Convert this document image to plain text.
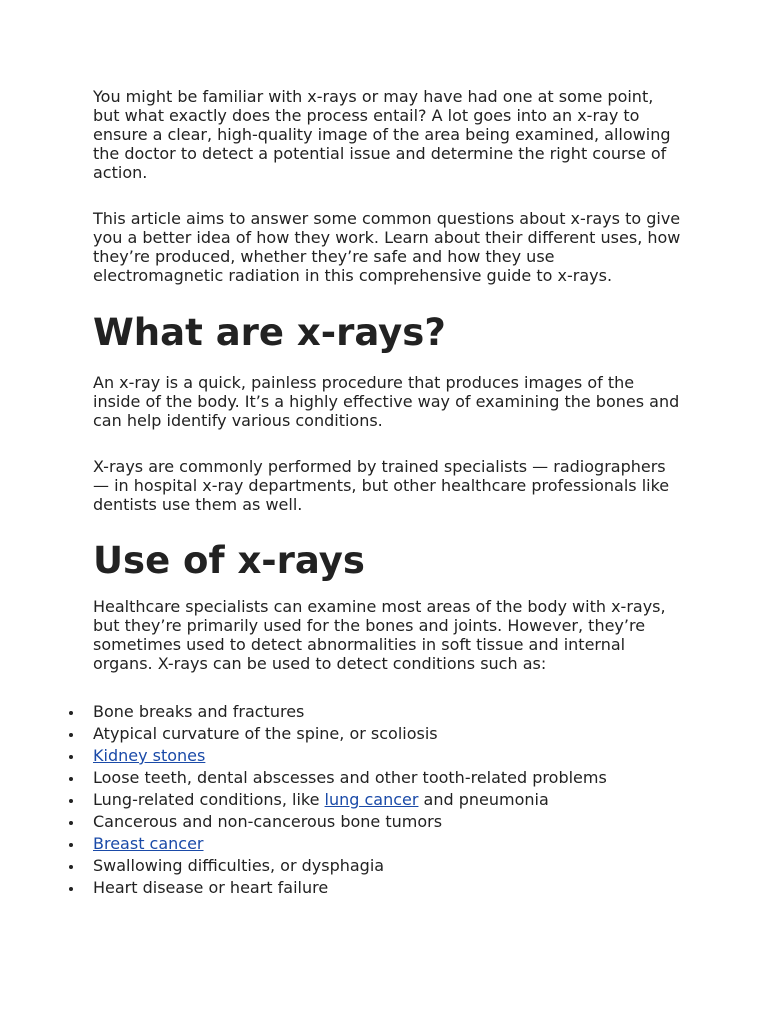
You might be familiar with x-rays or may have had one at some point, but what exactly does the process entail? A lot goes into an x-ray to ensure a clear, high-quality image of the area being examined, allowing the doctor to detect a potential issue and determine the right course of action.

This article aims to answer some common questions about x-rays to give you a better idea of how they work. Learn about their different uses, how they’re produced, whether they’re safe and how they use electromagnetic radiation in this comprehensive guide to x-rays.

What are x-rays?

An x-ray is a quick, painless procedure that produces images of the inside of the body. It’s a highly effective way of examining the bones and can help identify various conditions.

X-rays are commonly performed by trained specialists — radiographers — in hospital x-ray departments, but other healthcare professionals like dentists use them as well.

Use of x-rays

Healthcare specialists can examine most areas of the body with x-rays, but they’re primarily used for the bones and joints. However, they’re sometimes used to detect abnormalities in soft tissue and internal organs. X-rays can be used to detect conditions such as:

Bone breaks and fractures
Atypical curvature of the spine, or scoliosis
Kidney stones
Loose teeth, dental abscesses and other tooth-related problems
Lung-related conditions, like lung cancer and pneumonia
Cancerous and non-cancerous bone tumors
Breast cancer
Swallowing difficulties, or dysphagia
Heart disease or heart failure
